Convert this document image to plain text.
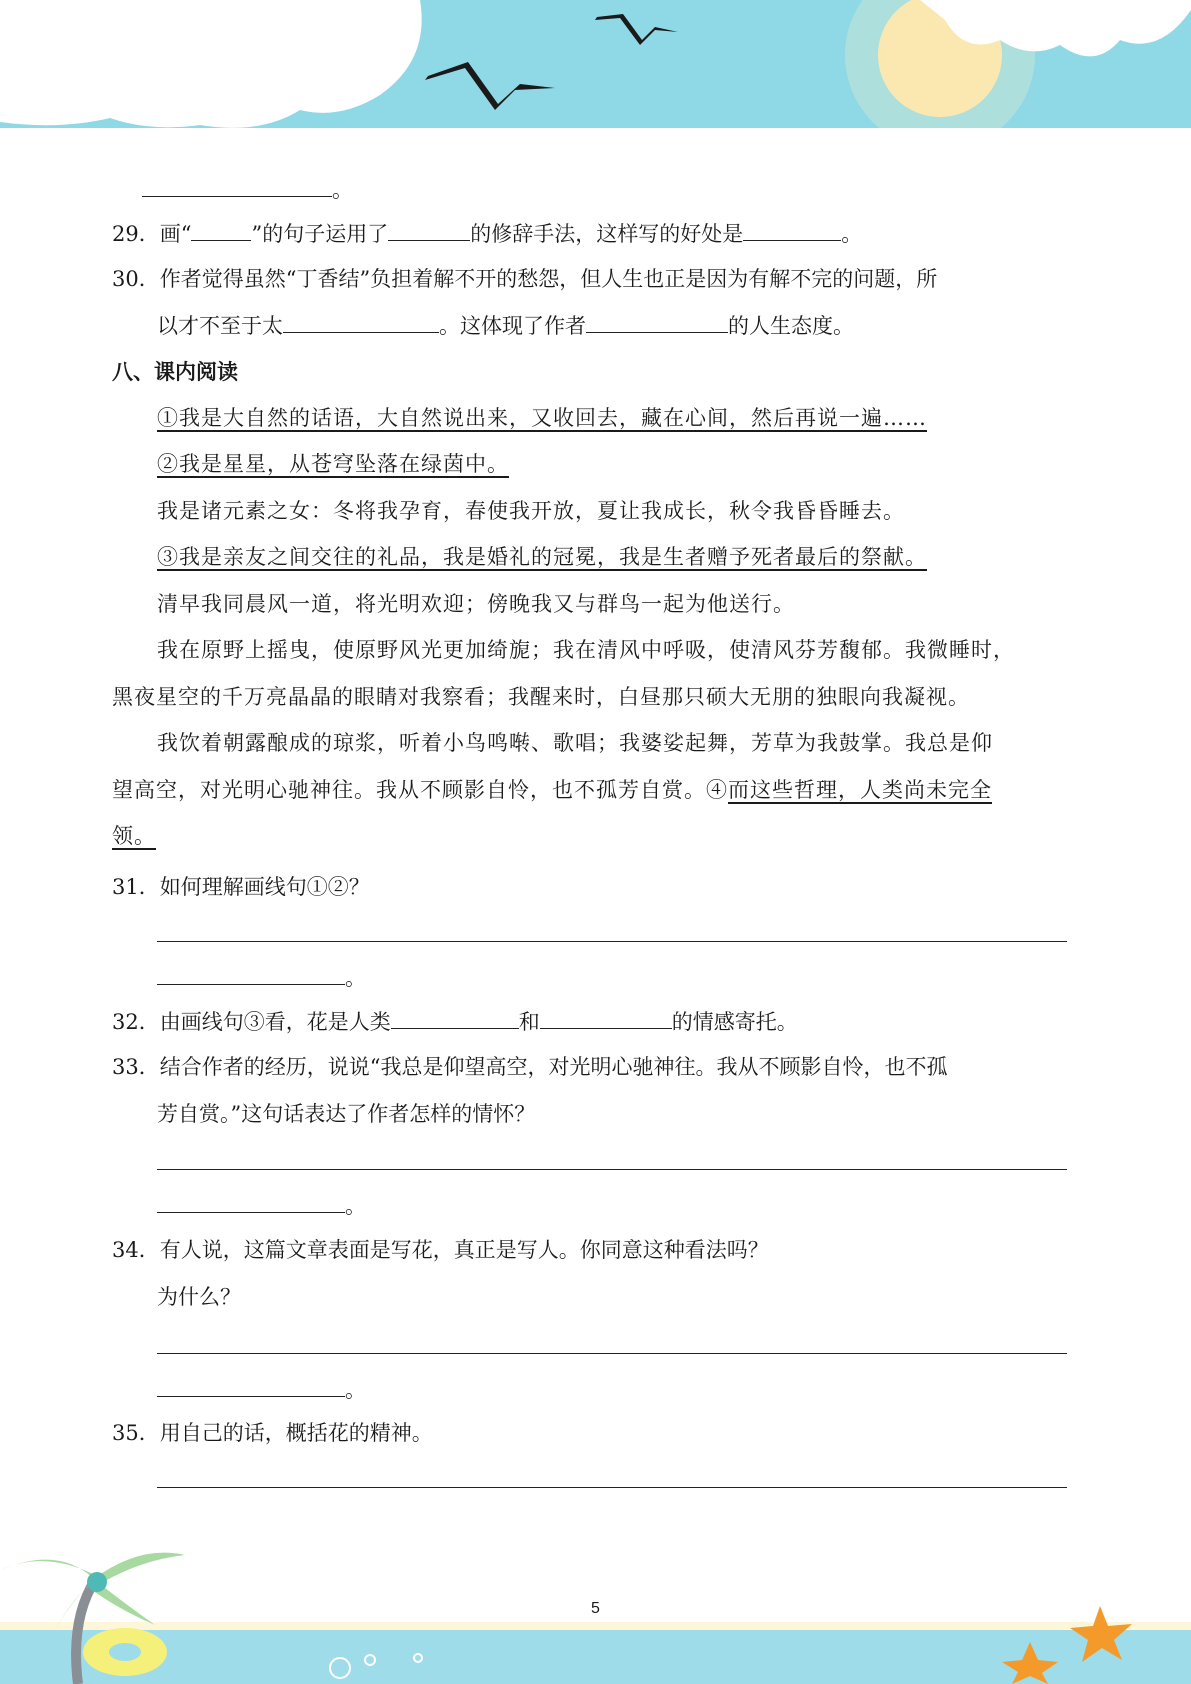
。
29．画“	”的句子运用了	的修辞手法，这样写的好处是	。
30．作者觉得虽然“丁香结”负担着解不开的愁怨，但人生也正是因为有解不完的问题，所
以才不至于太	。这体现了作者	的人生态度。
八、课内阅读
①我是大自然的话语，大自然说出来，又收回去，藏在心间，然后再说一遍……
②我是星星，从苍穹坠落在绿茵中。
我是诸元素之女：冬将我孕育，春使我开放，夏让我成长，秋令我昏昏睡去。
③我是亲友之间交往的礼品，我是婚礼的冠冕，我是生者赠予死者最后的祭献。
清早我同晨风一道，将光明欢迎；傍晚我又与群鸟一起为他送行。
我在原野上摇曳，使原野风光更加绮旎；我在清风中呼吸，使清风芬芳馥郁。我微睡时，
黑夜星空的千万亮晶晶的眼睛对我察看；我醒来时，白昼那只硕大无朋的独眼向我凝视。
我饮着朝露酿成的琼浆，听着小鸟鸣啭、歌唱；我婆娑起舞，芳草为我鼓掌。我总是仰
望高空，对光明心驰神往。我从不顾影自怜，也不孤芳自赏。④而这些哲理，人类尚未完全
领。
31．如何理解画线句①②？
。
32．由画线句③看，花是人类	和	的情感寄托。
33．结合作者的经历，说说“我总是仰望高空，对光明心驰神往。我从不顾影自怜，也不孤
芳自赏。”这句话表达了作者怎样的情怀？
。
34．有人说，这篇文章表面是写花，真正是写人。你同意这种看法吗？
为什么？
。
35．用自己的话，概括花的精神。
5
